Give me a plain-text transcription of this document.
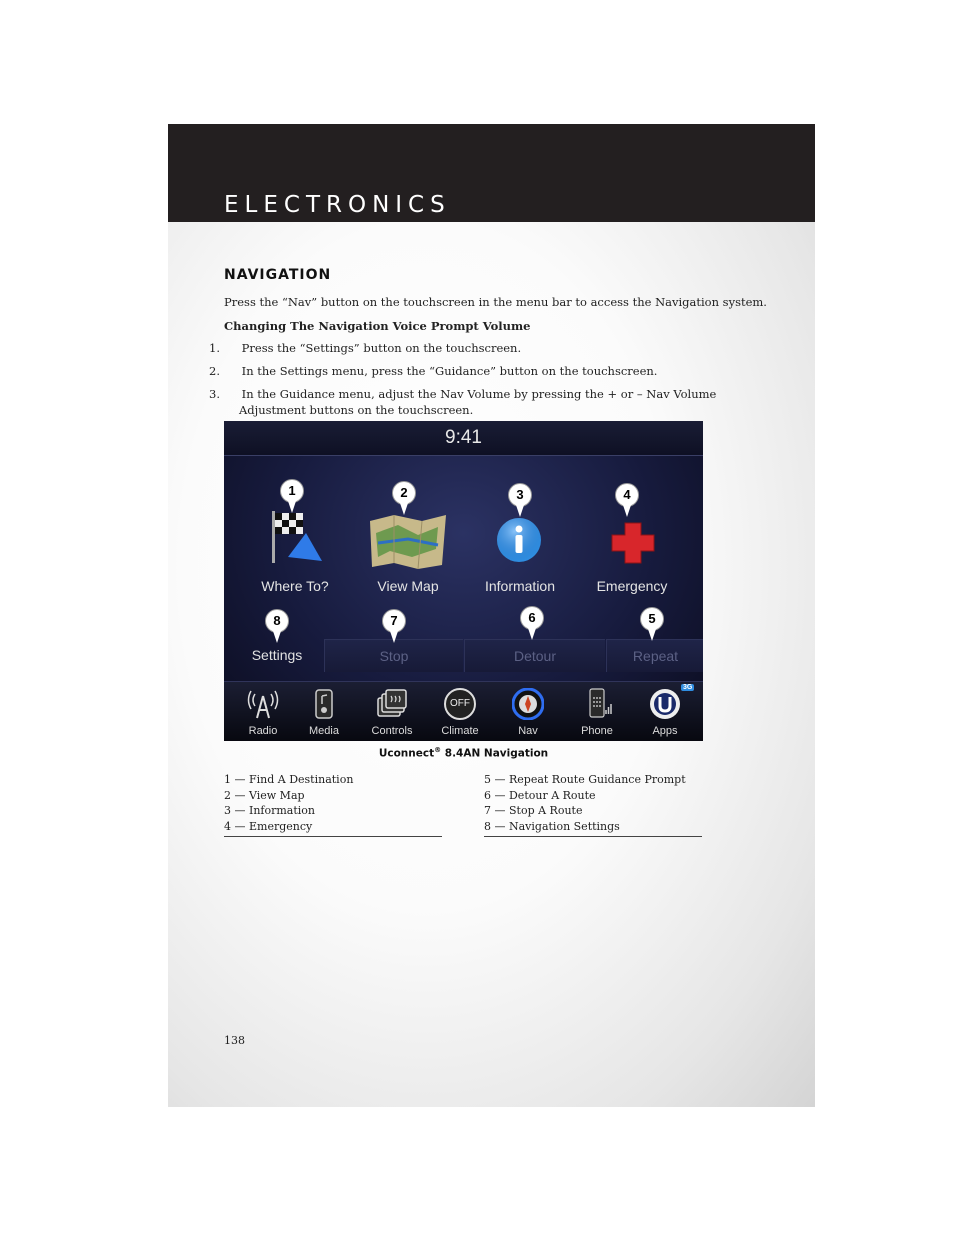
ELECTRONICS
NAVIGATION

Press the “Nav” button on the touchscreen in the menu bar to access the Navigation system.

Changing The Navigation Voice Prompt Volume

1. Press the “Settings” button on the touchscreen.
2. In the Settings menu, press the “Guidance” button on the touchscreen.
3. In the Guidance menu, adjust the Nav Volume by pressing the + or – Nav Volume Adjustment buttons on the touchscreen.
9:41
1
Where To?
2
View Map
3
Information
4
Emergency
Settings	Stop	Detour	Repeat
8	7	6	5
Radio	Media	Controls
OFF
Climate	Nav	Phone
3G
Apps
Uconnect® 8.4AN Navigation
1 — Find A Destination
2 — View Map
3 — Information
4 — Emergency
5 — Repeat Route Guidance Prompt
6 — Detour A Route
7 — Stop A Route
8 — Navigation Settings
138
